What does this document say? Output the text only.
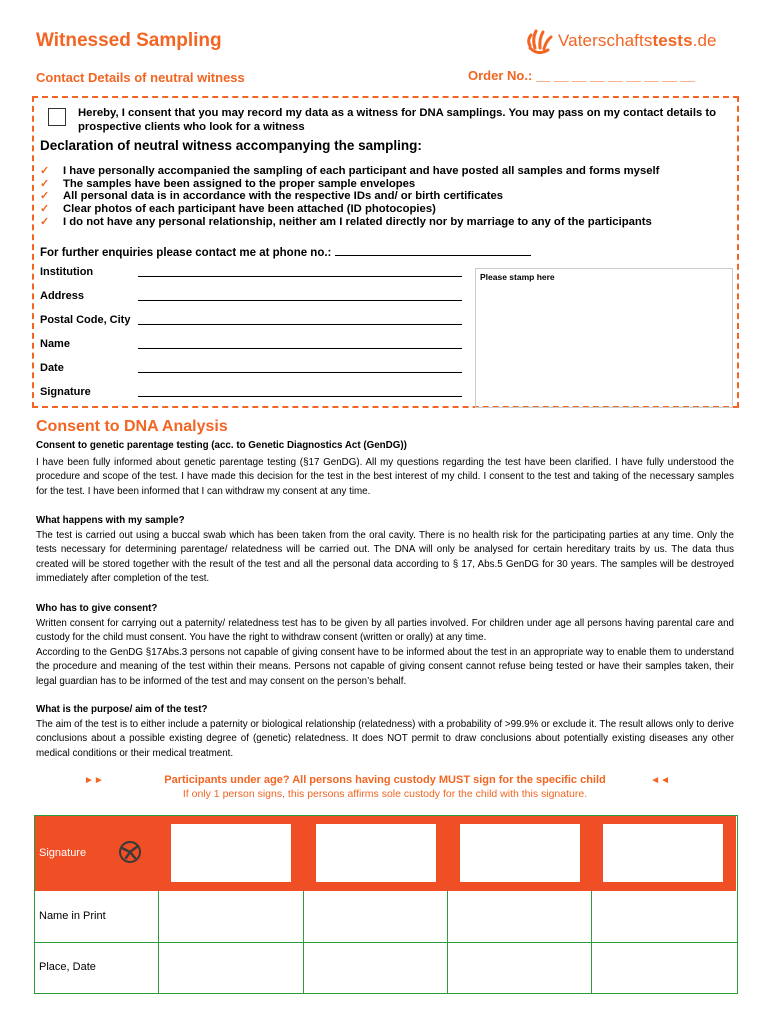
Witnessed Sampling	Vaterschaftstests.de
Contact Details of neutral witness	Order No.: __ __ __ __ __ __ __ __ __
Hereby, I consent that you may record my data as a witness for DNA samplings. You may pass on my contact details to prospective clients who look for a witness
Declaration of neutral witness accompanying the sampling:
✓	I have personally accompanied the sampling of each participant and have posted all samples and forms myself
✓	The samples have been assigned to the proper sample envelopes
✓	All personal data is in accordance with the respective IDs and/ or birth certificates
✓	Clear photos of each participant have been attached (ID photocopies)
✓	I do not have any personal relationship, neither am I related directly nor by marriage to any of the participants
For further enquiries please contact me at phone no.:
Institution
Address
Postal Code, City
Name
Date
Signature
Please stamp here
Consent to DNA Analysis
Consent to genetic parentage testing (acc. to Genetic Diagnostics Act (GenDG))
I have been fully informed about genetic parentage testing (§17 GenDG). All my questions regarding the test have been clarified. I have fully understood the procedure and scope of the test. I have made this decision for the test in the best interest of my child. I consent to the test and taking of the necessary samples for the test. I have been informed that I can withdraw my consent at any time.
What happens with my sample?
The test is carried out using a buccal swab which has been taken from the oral cavity. There is no health risk for the participating parties at any time. Only the tests necessary for determining parentage/ relatedness will be carried out. The DNA will only be analysed for certain hereditary traits by us. The data thus created will be stored together with the result of the test and all the personal data according to § 17, Abs.5 GenDG for 30 years. The samples will be destroyed immediately after completion of the test.
Who has to give consent?
Written consent for carrying out a paternity/ relatedness test has to be given by all parties involved. For children under age all persons having parental care and custody for the child must consent. You have the right to withdraw consent (written or orally) at any time.
According to the GenDG §17Abs.3 persons not capable of giving consent have to be informed about the test in an appropriate way to enable them to understand the procedure and meaning of the test within their means. Persons not capable of giving consent cannot refuse being tested or have their samples taken, their legal guardian has to be informed of the test and may consent on the person’s behalf.
What is the purpose/ aim of the test?
The aim of the test is to either include a paternity or biological relationship (relatedness) with a probability of >99.9% or exclude it. The result allows only to derive conclusions about a possible existing degree of (genetic) relatedness. It does NOT permit to draw conclusions about potentially existing diseases any other medical conditions or their medical treatment.
►►	Participants under age? All persons having custody MUST sign for the specific child
If only 1 person signs, this persons affirms sole custody for the child with this signature.
◄◄
Signature
Name in Print
Place, Date
